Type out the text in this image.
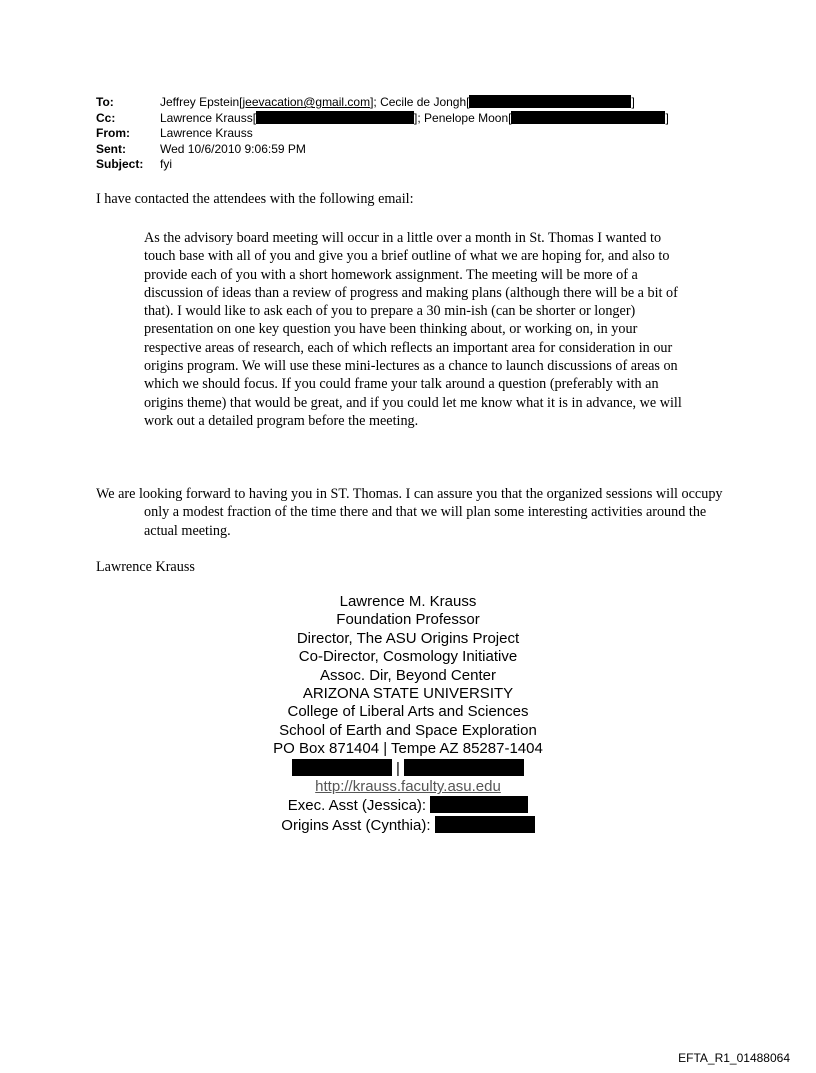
To:	Jeffrey Epstein[jeevacation@gmail.com]; Cecile de Jongh[	]
Cc:	Lawrence Krauss[	]; Penelope Moon[	]
From:	Lawrence Krauss
Sent:	Wed 10/6/2010 9:06:59 PM
Subject:	fyi
I have contacted the attendees with the following email:
As the advisory board meeting will occur in a little over a month in St. Thomas I wanted to touch base with all of you and give you a brief outline of what we are hoping for, and also to provide each of you with a short homework assignment. The meeting will be more of a discussion of ideas than a review of progress and making plans (although there will be a bit of that). I would like to ask each of you to prepare a 30 min-ish (can be shorter or longer) presentation on one key question you have been thinking about, or working on, in your respective areas of research, each of which reflects an important area for consideration in our origins program. We will use these mini-lectures as a chance to launch discussions of areas on which we should focus. If you could frame your talk around a question (preferably with an origins theme) that would be great, and if you could let me know what it is in advance, we will work out a detailed program before the meeting.
We are looking forward to having you in ST. Thomas. I can assure you that the organized sessions will occupy only a modest fraction of the time there and that we will plan some interesting activities around the actual meeting.
Lawrence Krauss
Lawrence M. Krauss
Foundation Professor
Director, The ASU Origins Project
Co-Director, Cosmology Initiative
Assoc. Dir, Beyond Center
ARIZONA STATE UNIVERSITY
College of Liberal Arts and Sciences
School of Earth and Space Exploration
PO Box 871404 | Tempe AZ 85287-1404
|
http://krauss.faculty.asu.edu
Exec. Asst (Jessica):
Origins Asst (Cynthia):
EFTA_R1_01488064
